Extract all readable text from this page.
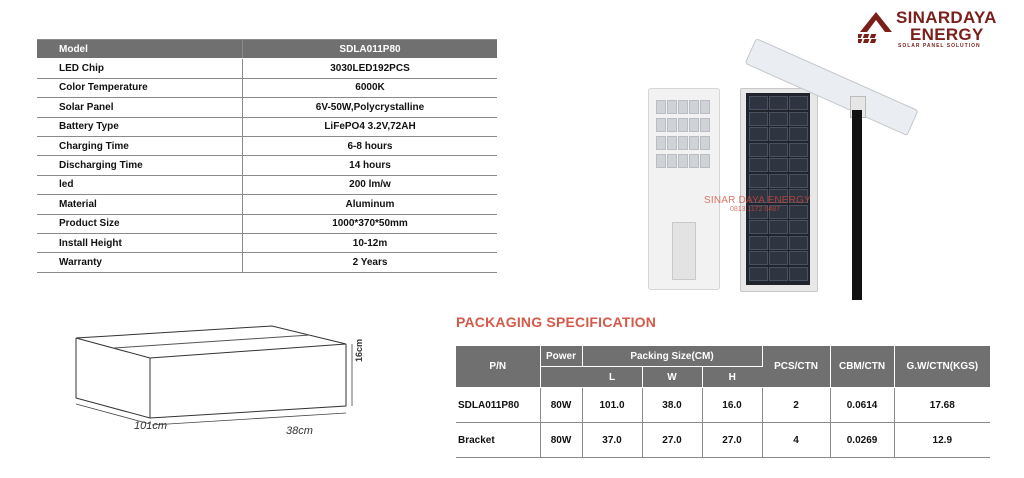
Model	SDLA011P80
LED Chip	3030LED192PCS
Color Temperature	6000K
Solar Panel	6V-50W,Polycrystalline
Battery Type	LiFePO4 3.2V,72AH
Charging Time	6-8 hours
Discharging Time	14 hours
led	200 lm/w
Material	Aluminum
Product Size	1000*370*50mm
Install Height	10-12m
Warranty	2 Years
SINAR DAYA ENERGY
0813 1172 0487
SINARDAYA
ENERGY
SOLAR PANEL SOLUTION
101cm	38cm
16cm
PACKAGING SPECIFICATION
P/N	Power	Packing Size(CM)			PCS/CTN	CBM/CTN	G.W/CTN(KGS)
		L	W	H			

SDLA011P80	80W	101.0	38.0	16.0	2	0.0614	17.68
Bracket	80W	37.0	27.0	27.0	4	0.0269	12.9
